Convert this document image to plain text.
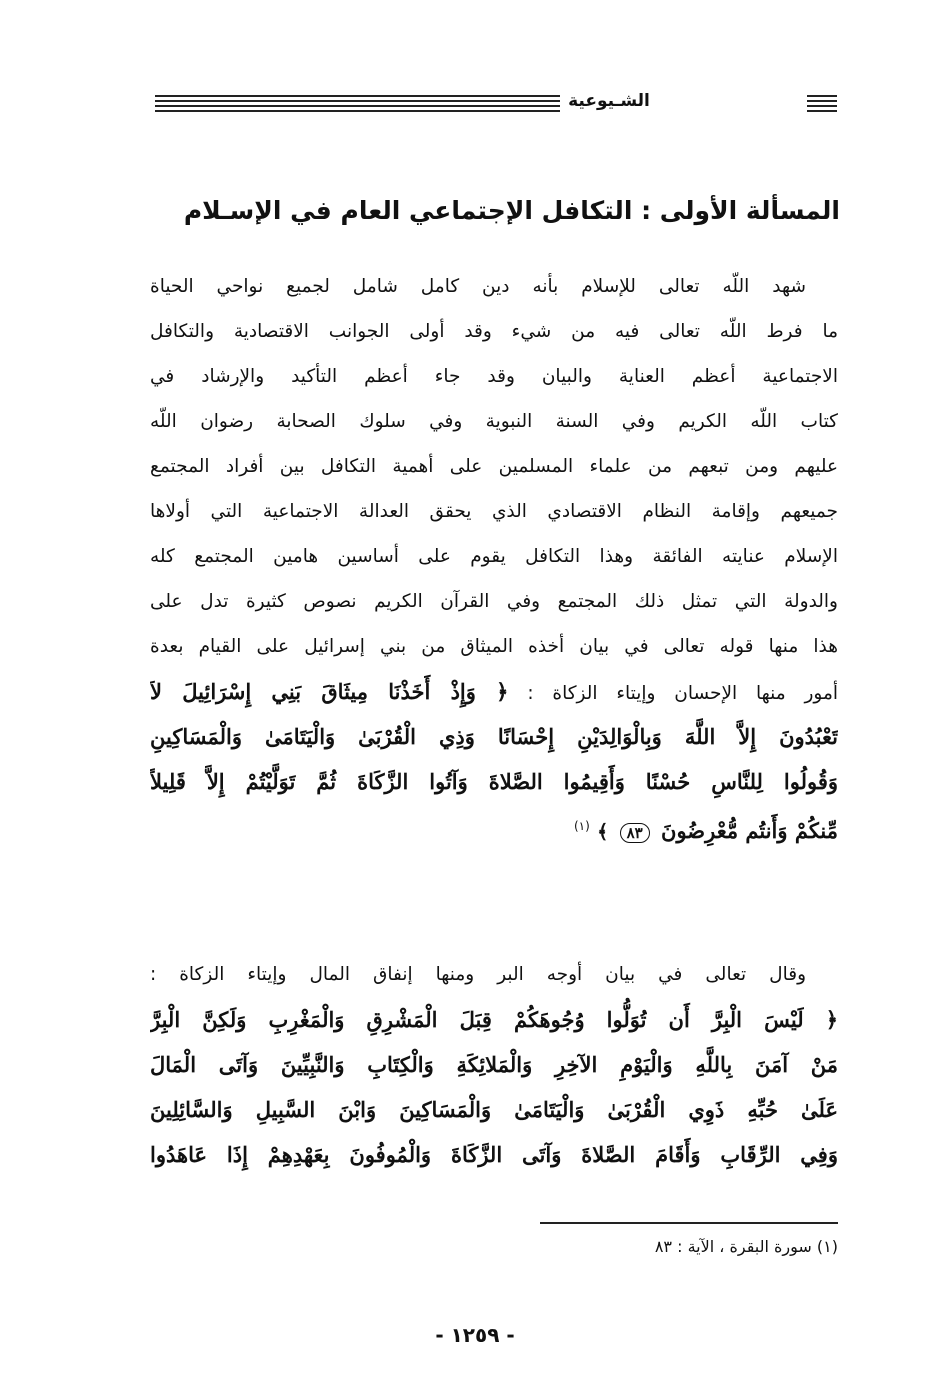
الشـيوعية
المسألة الأولى : التكافل الإجتماعي العام في الإسـلام
شهد اللّه تعالى للإسلام بأنه دين كامل شامل لجميع نواحي الحياة
ما فرط اللّه تعالى فيه من شيء وقد أولى الجوانب الاقتصادية والتكافل
الاجتماعية أعظم العناية والبيان وقد جاء أعظم التأكيد والإرشاد في
كتاب اللّه الكريم وفي السنة النبوية وفي سلوك الصحابة رضوان اللّه
عليهم ومن تبعهم من علماء المسلمين على أهمية التكافل بين أفراد المجتمع
جميعهم وإقامة النظام الاقتصادي الذي يحقق العدالة الاجتماعية التي أولاها
الإسلام عنايته الفائقة وهذا التكافل يقوم على أساسين هامين المجتمع كله
والدولة التي تمثل ذلك المجتمع وفي القرآن الكريم نصوص كثيرة تدل على
هذا منها قوله تعالى في بيان أخذه الميثاق من بني إسرائيل على القيام بعدة
أمور منها الإحسان وإيتاء الزكاة : ﴿ وَإِذْ أَخَذْنَا مِيثَاقَ بَنِي إِسْرَائِيلَ لاَ
تَعْبُدُونَ إِلاَّ اللَّهَ وَبِالْوَالِدَيْنِ إِحْسَانًا وَذِي الْقُرْبَىٰ وَالْيَتَامَىٰ وَالْمَسَاكِينِ
وَقُولُوا لِلنَّاسِ حُسْنًا وَأَقِيمُوا الصَّلاةَ وَآتُوا الزَّكَاةَ ثُمَّ تَوَلَّيْتُمْ إِلاَّ قَلِيلاً
مِّنكُمْ وَأَنتُم مُّعْرِضُونَ ٨٣ ﴾ $^{(١)}$
وقال تعالى في بيان أوجه البر ومنها إنفاق المال وإيتاء الزكاة :
﴿ لَيْسَ الْبِرَّ أَن تُوَلُّوا وُجُوهَكُمْ قِبَلَ الْمَشْرِقِ وَالْمَغْرِبِ وَلَكِنَّ الْبِرَّ
مَنْ آمَنَ بِاللَّهِ وَالْيَوْمِ الآخِرِ وَالْمَلائِكَةِ وَالْكِتَابِ وَالنَّبِيِّينَ وَآتَى الْمَالَ
عَلَىٰ حُبِّهِ ذَوِي الْقُرْبَىٰ وَالْيَتَامَىٰ وَالْمَسَاكِينَ وَابْنَ السَّبِيلِ وَالسَّائِلِينَ
وَفِي الرِّقَابِ وَأَقَامَ الصَّلاةَ وَآتَى الزَّكَاةَ وَالْمُوفُونَ بِعَهْدِهِمْ إِذَا عَاهَدُوا
(١) سورة البقرة ، الآية : ٨٣
- ١٢٥٩ -
